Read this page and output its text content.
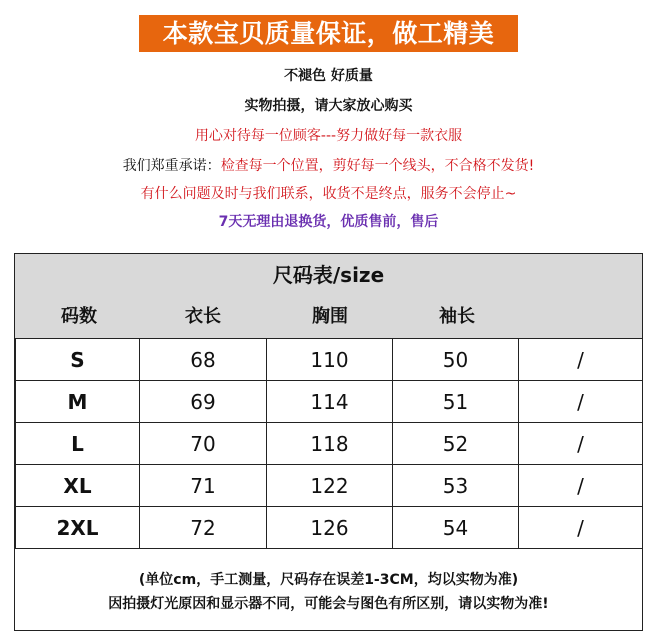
本款宝贝质量保证，做工精美
不褪色 好质量
实物拍摄，请大家放心购买
用心对待每一位顾客---努力做好每一款衣服
我们郑重承诺：检查每一个位置，剪好每一个线头，不合格不发货!
有什么问题及时与我们联系，收货不是终点，服务不会停止~
7天无理由退换货，优质售前，售后
尺码表/size
码数	衣长	胸围	袖长
S	68	110	50	/
M	69	114	51	/
L	70	118	52	/
XL	71	122	53	/
2XL	72	126	54	/
(单位cm，手工测量，尺码存在误差1-3CM，均以实物为准)
因拍摄灯光原因和显示器不同，可能会与图色有所区别，请以实物为准!
